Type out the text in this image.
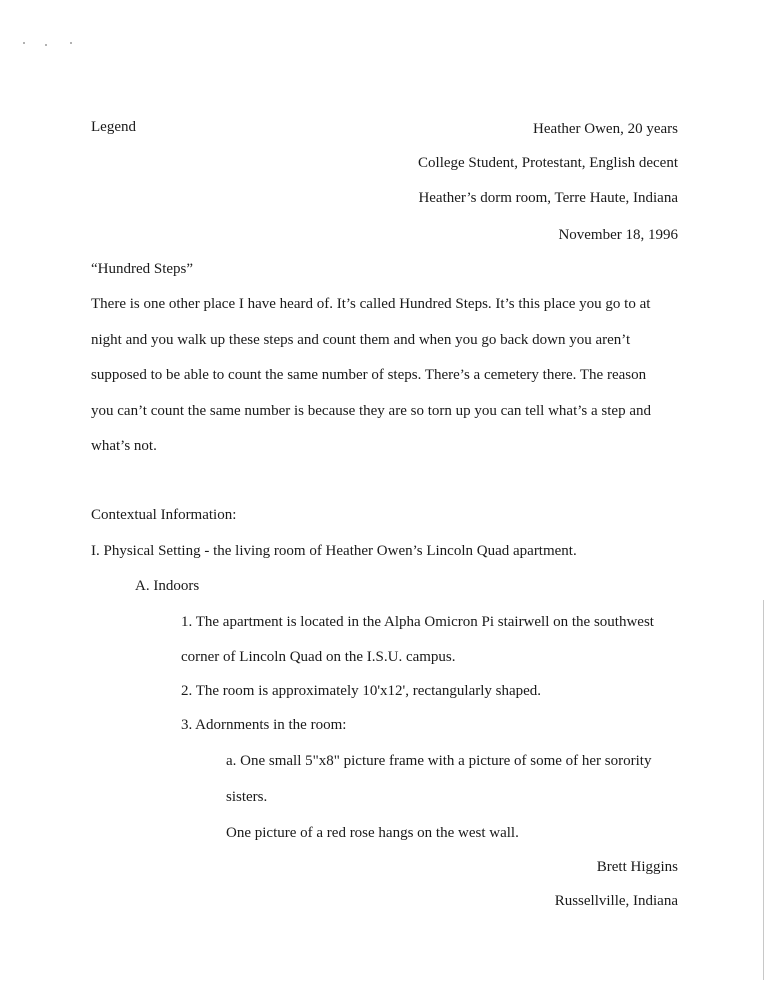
Legend	Heather Owen, 20 years
College Student, Protestant, English decent
Heather’s dorm room, Terre Haute, Indiana
November 18, 1996
“Hundred Steps”
There is one other place I have heard of. It’s called Hundred Steps. It’s this place you go to at
night and you walk up these steps and count them and when you go back down you aren’t
supposed to be able to count the same number of steps. There’s a cemetery there. The reason
you can’t count the same number is because they are so torn up you can tell what’s a step and
what’s not.
Contextual Information:
I. Physical Setting - the living room of Heather Owen’s Lincoln Quad apartment.
A. Indoors
1. The apartment is located in the Alpha Omicron Pi stairwell on the southwest
corner of Lincoln Quad on the I.S.U. campus.
2. The room is approximately 10'x12', rectangularly shaped.
3. Adornments in the room:
a. One small 5"x8" picture frame with a picture of some of her sorority
sisters.
One picture of a red rose hangs on the west wall.
Brett Higgins
Russellville, Indiana
